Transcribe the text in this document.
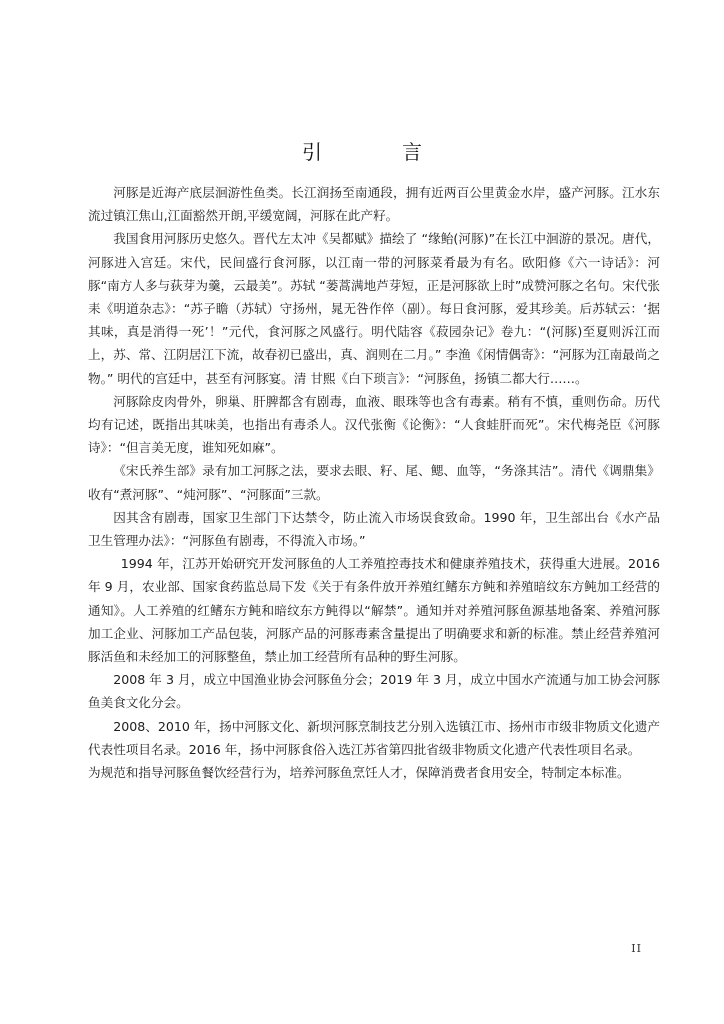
引　言

河豚是近海产底层洄游性鱼类。长江润扬至南通段，拥有近两百公里黄金水岸，盛产河豚。江水东流过镇江焦山,江面豁然开朗,平缓宽阔，河豚在此产籽。

我国食用河豚历史悠久。晋代左太冲《吴都赋》描绘了 “缘鲐(河豚)”在长江中洄游的景况。唐代，河豚进入宫廷。宋代，民间盛行食河豚，以江南一带的河豚菜肴最为有名。欧阳修《六一诗话》：河豚“南方人多与荻芽为羹，云最美”。苏轼 “蒌蒿满地芦芽短，正是河豚欲上时”成赞河豚之名句。宋代张耒《明道杂志》：“苏子瞻（苏轼）守扬州，晁无咎作倅（副）。每日食河豚，爱其珍美。后苏轼云：‘据其味，真是消得一死’！”元代，食河豚之风盛行。明代陆容《菽园杂记》卷九：“(河豚)至夏则泝江而上，苏、常、江阴居江下流，故春初已盛出，真、润则在二月。” 李渔《闲情偶寄》：“河豚为江南最尚之物。” 明代的宫廷中，甚至有河豚宴。清 甘熙《白下琐言》：“河豚鱼，扬镇二都大行……。

河豚除皮肉骨外，卵巢、肝脾都含有剧毒，血液、眼珠等也含有毒素。稍有不慎，重则伤命。历代均有记述，既指出其味美，也指出有毒杀人。汉代张衡《论衡》：“人食蛙肝而死”。宋代梅尧臣《河豚诗》：“但言美无度，谁知死如麻”。

《宋氏养生部》录有加工河豚之法，要求去眼、籽、尾、鳃、血等，“务涤其洁”。清代《调鼎集》收有“煮河豚”、“炖河豚”、“河豚面”三款。

因其含有剧毒，国家卫生部门下达禁令，防止流入市场误食致命。1990 年，卫生部出台《水产品卫生管理办法》：“河豚鱼有剧毒，不得流入市场。”

1994 年，江苏开始研究开发河豚鱼的人工养殖控毒技术和健康养殖技术，获得重大进展。2016 年 9 月，农业部、国家食药监总局下发《关于有条件放开养殖红鳍东方鲀和养殖暗纹东方鲀加工经营的通知》。人工养殖的红鳍东方鲀和暗纹东方鲀得以“解禁”。通知并对养殖河豚鱼源基地备案、养殖河豚加工企业、河豚加工产品包装，河豚产品的河豚毒素含量提出了明确要求和新的标准。禁止经营养殖河豚活鱼和未经加工的河豚整鱼，禁止加工经营所有品种的野生河豚。

2008 年 3 月，成立中国渔业协会河豚鱼分会；2019 年 3 月，成立中国水产流通与加工协会河豚鱼美食文化分会。

2008、2010 年，扬中河豚文化、新坝河豚烹制技艺分别入选镇江市、扬州市市级非物质文化遗产代表性项目名录。2016 年，扬中河豚食俗入选江苏省第四批省级非物质文化遗产代表性项目名录。

为规范和指导河豚鱼餐饮经营行为，培养河豚鱼烹饪人才，保障消费者食用安全，特制定本标准。

II
